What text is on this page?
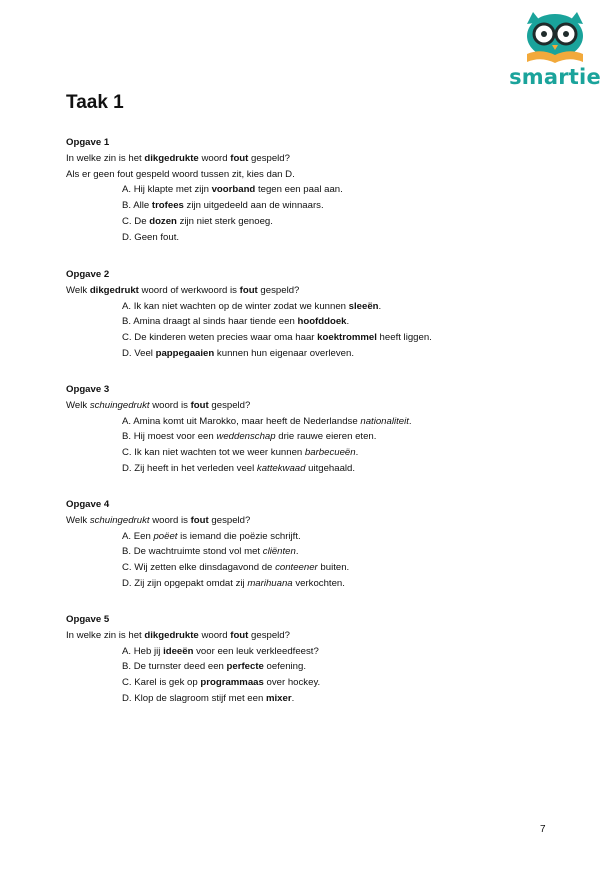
smartie
Taak 1
Opgave 1
In welke zin is het dikgedrukte woord fout gespeld?
Als er geen fout gespeld woord tussen zit, kies dan D.
A. Hij klapte met zijn voorband tegen een paal aan.
B. Alle trofees zijn uitgedeeld aan de winnaars.
C. De dozen zijn niet sterk genoeg.
D. Geen fout.
Opgave 2
Welk dikgedrukt woord of werkwoord is fout gespeld?
A. Ik kan niet wachten op de winter zodat we kunnen sleeën.
B. Amina draagt al sinds haar tiende een hoofddoek.
C. De kinderen weten precies waar oma haar koektrommel heeft liggen.
D. Veel pappegaaien kunnen hun eigenaar overleven.
Opgave 3
Welk schuingedrukt woord is fout gespeld?
A. Amina komt uit Marokko, maar heeft de Nederlandse nationaliteit.
B. Hij moest voor een weddenschap drie rauwe eieren eten.
C. Ik kan niet wachten tot we weer kunnen barbecueën.
D. Zij heeft in het verleden veel kattekwaad uitgehaald.
Opgave 4
Welk schuingedrukt woord is fout gespeld?
A. Een poëet is iemand die poëzie schrijft.
B. De wachtruimte stond vol met cliënten.
C. Wij zetten elke dinsdagavond de conteener buiten.
D. Zij zijn opgepakt omdat zij marihuana verkochten.
Opgave 5
In welke zin is het dikgedrukte woord fout gespeld?
A. Heb jij ideeën voor een leuk verkleedfeest?
B. De turnster deed een perfecte oefening.
C. Karel is gek op programmaas over hockey.
D. Klop de slagroom stijf met een mixer.
7
